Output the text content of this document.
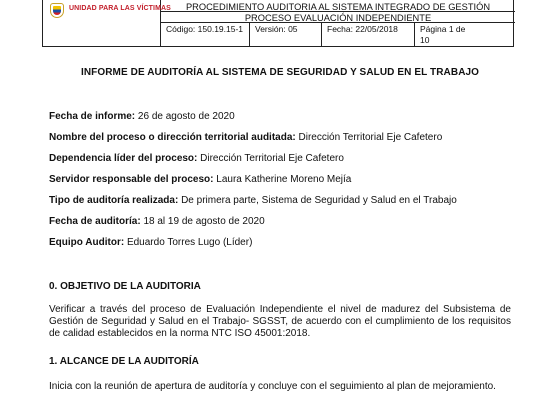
UNIDAD PARA LAS VÍCTIMAS	PROCEDIMIENTO AUDITORIA AL SISTEMA INTEGRADO DE GESTIÓN
PROCESO EVALUACIÓN INDEPENDIENTE
Código: 150.19.15-1 Versión: 05	Fecha: 22/05/2018	Página 1 de 10
INFORME DE AUDITORÍA AL SISTEMA DE SEGURIDAD Y SALUD EN EL TRABAJO
Fecha de informe: 26 de agosto de 2020
Nombre del proceso o dirección territorial auditada: Dirección Territorial Eje Cafetero
Dependencia líder del proceso: Dirección Territorial Eje Cafetero
Servidor responsable del proceso: Laura Katherine Moreno Mejía
Tipo de auditoría realizada: De primera parte, Sistema de Seguridad y Salud en el Trabajo
Fecha de auditoría: 18 al 19 de agosto de 2020
Equipo Auditor: Eduardo Torres Lugo (Líder)
0. OBJETIVO DE LA AUDITORIA
Verificar a través del proceso de Evaluación Independiente el nivel de madurez del Subsistema de Gestión de Seguridad y Salud en el Trabajo- SGSST, de acuerdo con el cumplimiento de los requisitos de calidad establecidos en la norma NTC ISO 45001:2018.
1. ALCANCE DE LA AUDITORÍA
Inicia con la reunión de apertura de auditoría y concluye con el seguimiento al plan de mejoramiento.
